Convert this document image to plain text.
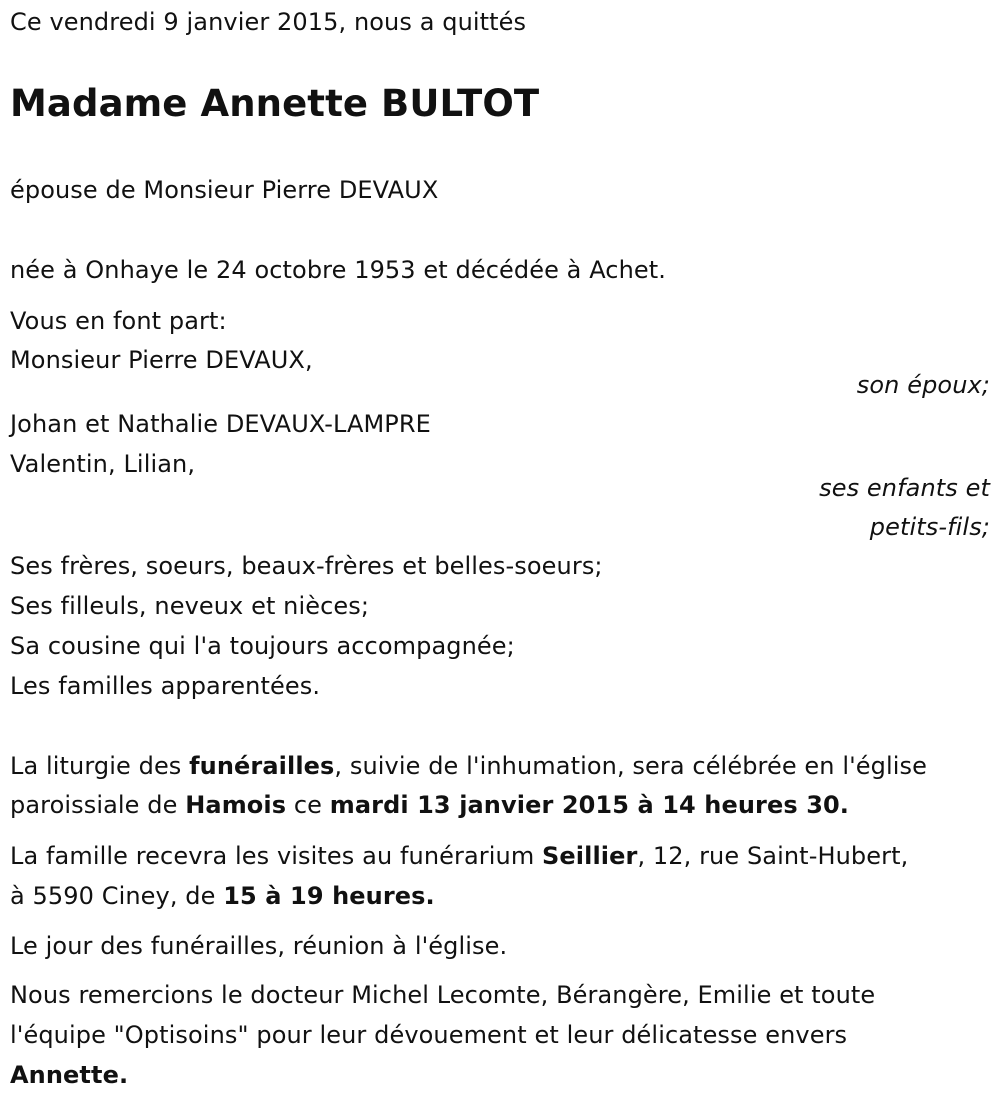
Ce vendredi 9 janvier 2015, nous a quittés

Madame Annette BULTOT

épouse de Monsieur Pierre DEVAUX

née à Onhaye le 24 octobre 1953 et décédée à Achet.

Vous en font part:

Monsieur Pierre DEVAUX,

son époux;

Johan et Nathalie DEVAUX-LAMPRE

Valentin, Lilian,

ses enfants et

petits-fils;

Ses frères, soeurs, beaux-frères et belles-soeurs;

Ses filleuls, neveux et nièces;

Sa cousine qui l'a toujours accompagnée;

Les familles apparentées.

La liturgie des funérailles, suivie de l'inhumation, sera célébrée en l'église

paroissiale de Hamois ce mardi 13 janvier 2015 à 14 heures 30.

La famille recevra les visites au funérarium Seillier, 12, rue Saint-Hubert,

à 5590 Ciney, de 15 à 19 heures.

Le jour des funérailles, réunion à l'église.

Nous remercions le docteur Michel Lecomte, Bérangère, Emilie et toute

l'équipe "Optisoins" pour leur dévouement et leur délicatesse envers

Annette.
